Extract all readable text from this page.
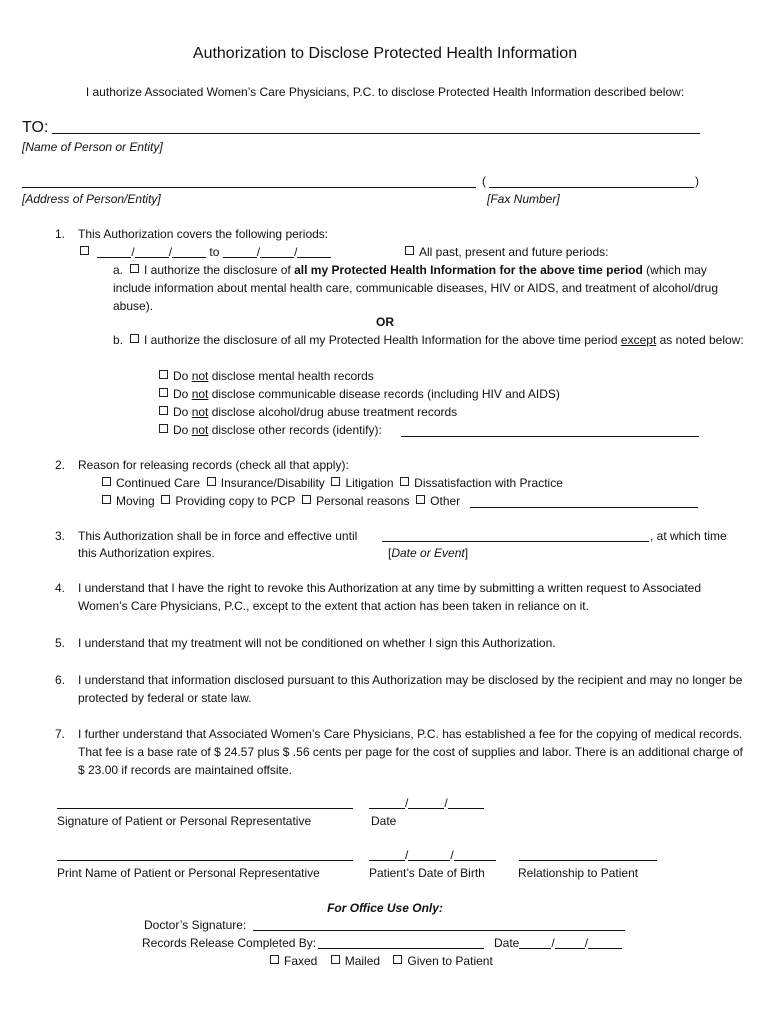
Authorization to Disclose Protected Health Information
I authorize Associated Women’s Care Physicians, P.C. to disclose Protected Health Information described below:
TO:
[Name of Person or Entity]
(	)
[Address of Person/Entity]	[Fax Number]
1. This Authorization covers the following periods:
/	/	to	/	/	All past, present and future periods:
a.	I authorize the disclosure of all my Protected Health Information for the above time period (which may include information about mental health care, communicable diseases, HIV or AIDS, and treatment of alcohol/drug abuse).
OR
b.	I authorize the disclosure of all my Protected Health Information for the above time period except as noted below:
Do not disclose mental health records
Do not disclose communicable disease records (including HIV and AIDS)
Do not disclose alcohol/drug abuse treatment records
Do not disclose other records (identify):
2. Reason for releasing records (check all that apply):
Continued Care Insurance/Disability Litigation Dissatisfaction with Practice
Moving Providing copy to PCP Personal reasons Other
3. This Authorization shall be in force and effective until	, at which time
this Authorization expires.	[Date or Event]
4. I understand that I have the right to revoke this Authorization at any time by submitting a written request to Associated Women’s Care Physicians, P.C., except to the extent that action has been taken in reliance on it.
5. I understand that my treatment will not be conditioned on whether I sign this Authorization.
6. I understand that information disclosed pursuant to this Authorization may be disclosed by the recipient and may no longer be protected by federal or state law.
7. I further understand that Associated Women’s Care Physicians, P.C. has established a fee for the copying of medical records. That fee is a base rate of $ 24.57 plus $ .56 cents per page for the cost of supplies and labor. There is an additional charge of $ 23.00 if records are maintained offsite.
/	/
Signature of Patient or Personal Representative	Date
/	/
Print Name of Patient or Personal Representative	Patient’s Date of Birth	Relationship to Patient
For Office Use Only:
Doctor’s Signature:
Records Release Completed By:	Date	/	/
Faxed Mailed Given to Patient
